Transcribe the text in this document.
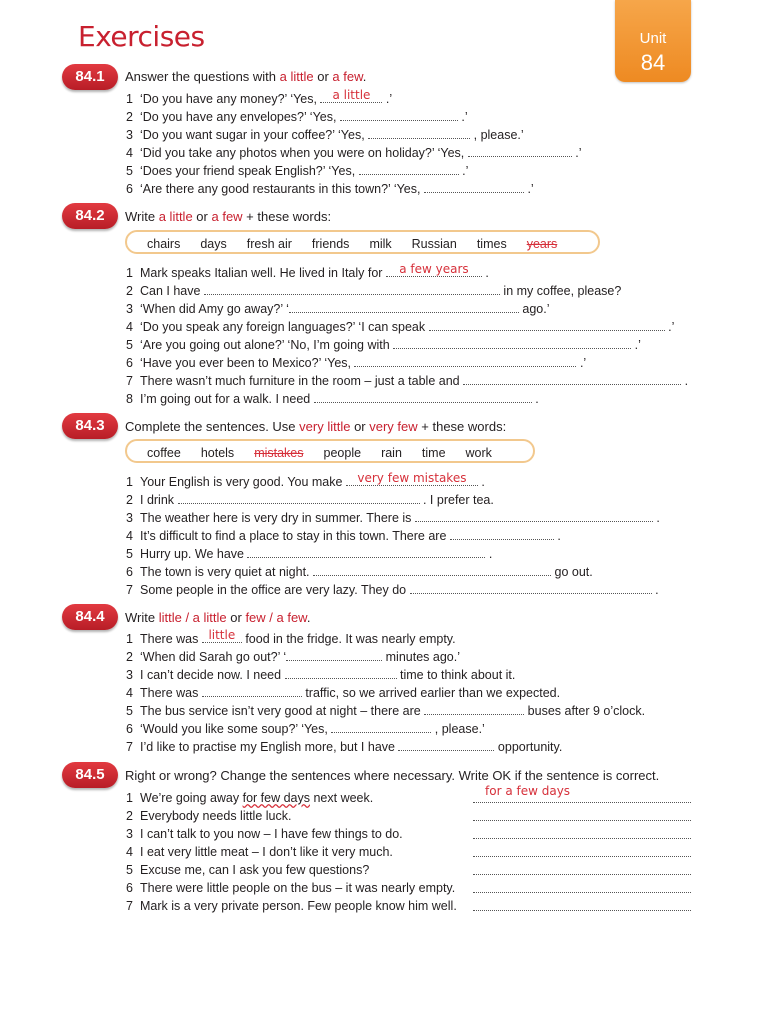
Exercises	Unit
84
84.1	Answer the questions with a little or a few.
1 ‘Do you have any money?’ ‘Yes, a little .’
2 ‘Do you have any envelopes?’ ‘Yes,	.’
3 ‘Do you want sugar in your coffee?’ ‘Yes,	, please.’
4 ‘Did you take any photos when you were on holiday?’ ‘Yes,	.’
5 ‘Does your friend speak English?’ ‘Yes,	.’
6 ‘Are there any good restaurants in this town?’ ‘Yes,	.’
84.2	Write a little or a few + these words:
chairs days fresh air friends milk Russian times years
1 Mark speaks Italian well. He lived in Italy for a few years .
2 Can I have	in my coffee, please?
3 ‘When did Amy go away?’ ‘	ago.’
4 ‘Do you speak any foreign languages?’ ‘I can speak	.’
5 ‘Are you going out alone?’ ‘No, I’m going with	.’
6 ‘Have you ever been to Mexico?’ ‘Yes,	.’
7 There wasn’t much furniture in the room – just a table and	.
8 I’m going out for a walk. I need	.
84.3	Complete the sentences. Use very little or very few + these words:
coffee hotels mistakes people rain time work
1 Your English is very good. You make very few mistakes .
2 I drink	. I prefer tea.
3 The weather here is very dry in summer. There is	.
4 It’s difficult to find a place to stay in this town. There are	.
5 Hurry up. We have	.
6 The town is very quiet at night.	go out.
7 Some people in the office are very lazy. They do	.
84.4	Write little / a little or few / a few.
1 There was little food in the fridge. It was nearly empty.
2 ‘When did Sarah go out?’ ‘	minutes ago.’
3 I can’t decide now. I need	time to think about it.
4 There was	traffic, so we arrived earlier than we expected.
5 The bus service isn’t very good at night – there are	buses after 9 o’clock.
6 ‘Would you like some soup?’ ‘Yes,	, please.’
7 I’d like to practise my English more, but I have	opportunity.
84.5	Right or wrong? Change the sentences where necessary. Write OK if the sentence is correct.
1 We’re going away for few days next week.
2 Everybody needs little luck.
3 I can’t talk to you now – I have few things to do.
4 I eat very little meat – I don’t like it very much.
5 Excuse me, can I ask you few questions?
6 There were little people on the bus – it was nearly empty.
7 Mark is a very private person. Few people know him well.
for a few days
